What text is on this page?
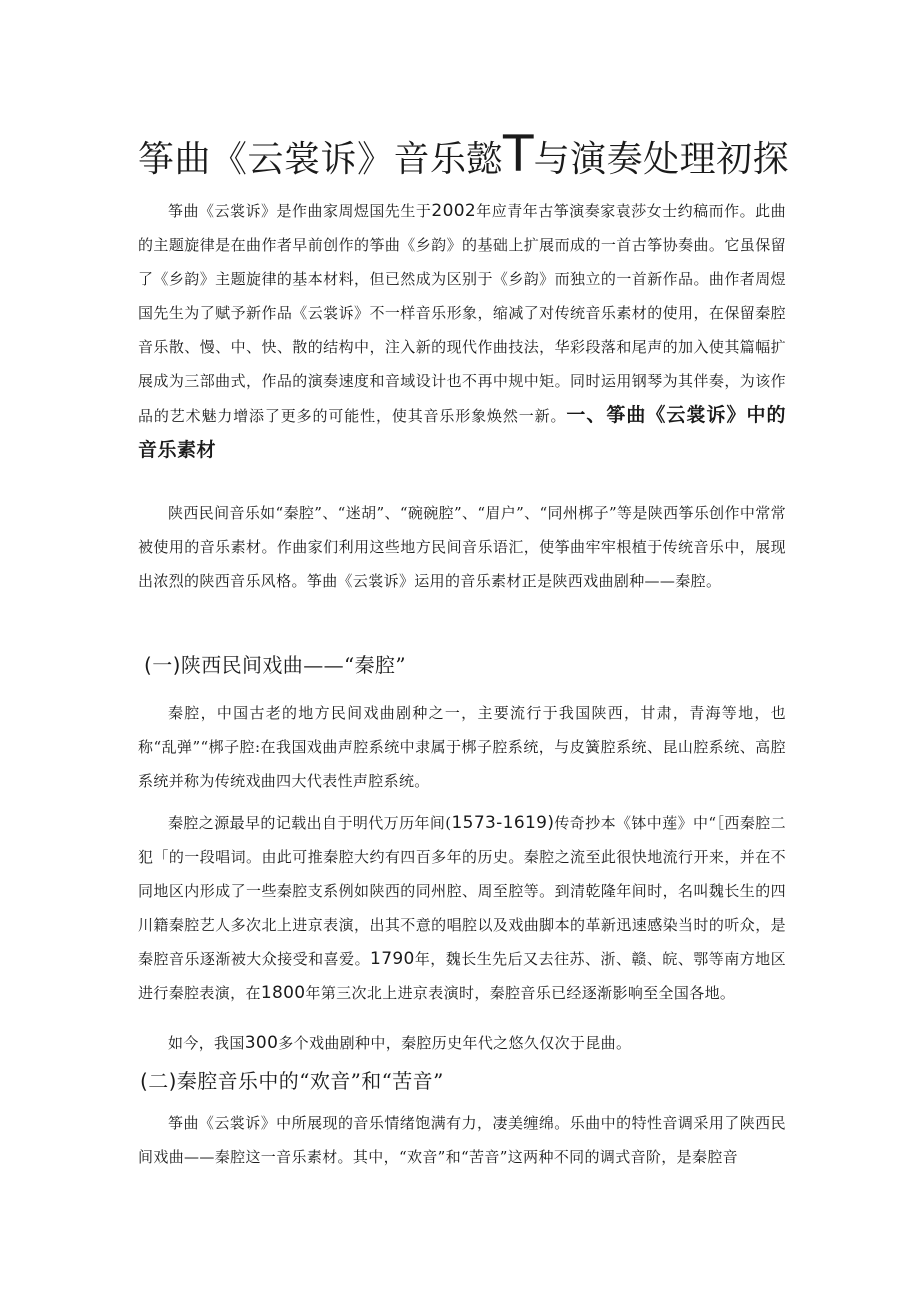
筝曲《云裳诉》音乐懿T与演奏处理初探

筝曲《云裳诉》是作曲家周煜国先生于2002年应青年古筝演奏家袁莎女士约稿而作。此曲的主题旋律是在曲作者早前创作的筝曲《乡韵》的基础上扩展而成的一首古筝协奏曲。它虽保留了《乡韵》主题旋律的基本材料，但已然成为区别于《乡韵》而独立的一首新作品。曲作者周煜国先生为了赋予新作品《云裳诉》不一样音乐形象，缩减了对传统音乐素材的使用，在保留秦腔音乐散、慢、中、快、散的结构中，注入新的现代作曲技法，华彩段落和尾声的加入使其篇幅扩展成为三部曲式，作品的演奏速度和音域设计也不再中规中矩。同时运用钢琴为其伴奏，为该作品的艺术魅力增添了更多的可能性，使其音乐形象焕然一新。一、筝曲《云裳诉》中的音乐素材

陕西民间音乐如“秦腔”、“迷胡”、“碗碗腔”、“眉户”、“同州梆子”等是陕西筝乐创作中常常被使用的音乐素材。作曲家们利用这些地方民间音乐语汇，使筝曲牢牢根植于传统音乐中，展现出浓烈的陕西音乐风格。筝曲《云裳诉》运用的音乐素材正是陕西戏曲剧种——秦腔。

(一)陕西民间戏曲——“秦腔”

秦腔，中国古老的地方民间戏曲剧种之一，主要流行于我国陕西，甘肃，青海等地，也称“乱弹”“梆子腔:在我国戏曲声腔系统中隶属于梆子腔系统，与皮簧腔系统、昆山腔系统、高腔系统并称为传统戏曲四大代表性声腔系统。

秦腔之源最早的记载出自于明代万历年间(1573-1619)传奇抄本《钵中莲》中“［西秦腔二犯「的一段唱词。由此可推秦腔大约有四百多年的历史。秦腔之流至此很快地流行开来，并在不同地区内形成了一些秦腔支系例如陕西的同州腔、周至腔等。到清乾隆年间时，名叫魏长生的四川籍秦腔艺人多次北上进京表演，出其不意的唱腔以及戏曲脚本的革新迅速感染当时的听众，是秦腔音乐逐渐被大众接受和喜爱。1790年，魏长生先后又去往苏、浙、赣、皖、鄂等南方地区进行秦腔表演，在1800年第三次北上进京表演时，秦腔音乐已经逐渐影响至全国各地。

如今，我国300多个戏曲剧种中，秦腔历史年代之悠久仅次于昆曲。

(二)秦腔音乐中的“欢音”和“苦音”

筝曲《云裳诉》中所展现的音乐情绪饱满有力，凄美缠绵。乐曲中的特性音调采用了陕西民间戏曲——秦腔这一音乐素材。其中，“欢音”和“苦音”这两种不同的调式音阶，是秦腔音
